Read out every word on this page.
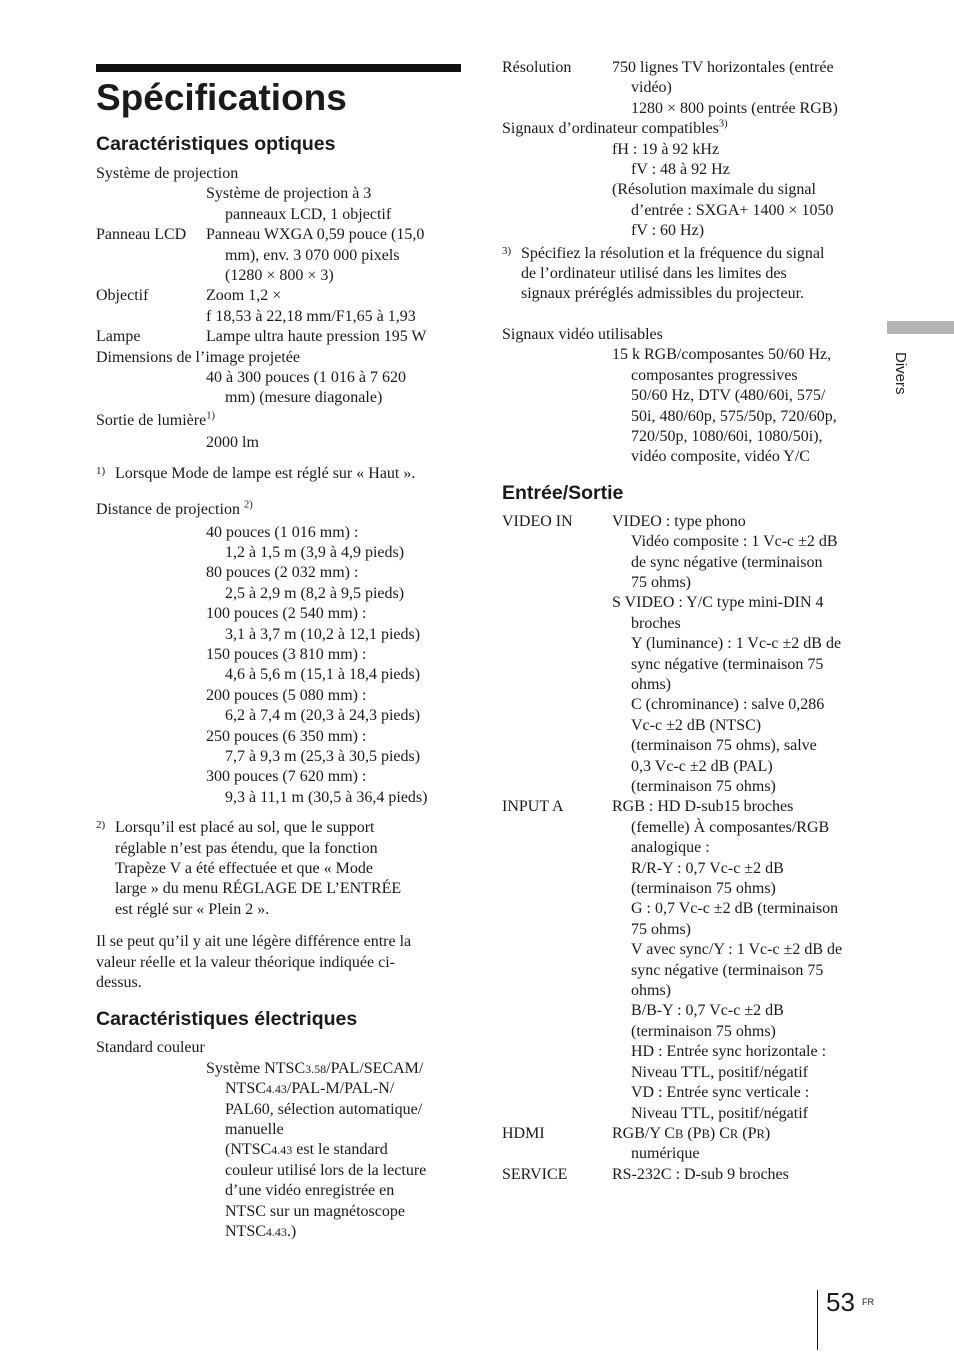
Spécifications
Caractéristiques optiques
Système de projection
Système de projection à 3
panneaux LCD, 1 objectif
Panneau LCD	Panneau WXGA 0,59 pouce (15,0
mm), env. 3 070 000 pixels
(1280 × 800 × 3)
Objectif	Zoom 1,2 ×
f 18,53 à 22,18 mm/F1,65 à 1,93
Lampe	Lampe ultra haute pression 195 W
Dimensions de l’image projetée
40 à 300 pouces (1 016 à 7 620
mm) (mesure diagonale)
Sortie de lumière$^{1)}$
2000 lm
1) Lorsque Mode de lampe est réglé sur « Haut ».
Distance de projection $^{2)}$
40 pouces (1 016 mm) :
1,2 à 1,5 m (3,9 à 4,9 pieds)
80 pouces (2 032 mm) :
2,5 à 2,9 m (8,2 à 9,5 pieds)
100 pouces (2 540 mm) :
3,1 à 3,7 m (10,2 à 12,1 pieds)
150 pouces (3 810 mm) :
4,6 à 5,6 m (15,1 à 18,4 pieds)
200 pouces (5 080 mm) :
6,2 à 7,4 m (20,3 à 24,3 pieds)
250 pouces (6 350 mm) :
7,7 à 9,3 m (25,3 à 30,5 pieds)
300 pouces (7 620 mm) :
9,3 à 11,1 m (30,5 à 36,4 pieds)
2) Lorsqu’il est placé au sol, que le support
réglable n’est pas étendu, que la fonction
Trapèze V a été effectuée et que « Mode
large » du menu RÉGLAGE DE L’ENTRÉE
est réglé sur « Plein 2 ».
Il se peut qu’il y ait une légère différence entre la
valeur réelle et la valeur théorique indiquée ci-
dessus.
Caractéristiques électriques
Standard couleur
Système NTSC3.58/PAL/SECAM/
NTSC4.43/PAL-M/PAL-N/
PAL60, sélection automatique/
manuelle
(NTSC4.43 est le standard
couleur utilisé lors de la lecture
d’une vidéo enregistrée en
NTSC sur un magnétoscope
NTSC4.43.)
Résolution	750 lignes TV horizontales (entrée
vidéo)
1280 × 800 points (entrée RGB)
Signaux d’ordinateur compatibles$^{3)}$
fH : 19 à 92 kHz
fV : 48 à 92 Hz
(Résolution maximale du signal
d’entrée : SXGA+ 1400 × 1050
fV : 60 Hz)
3) Spécifiez la résolution et la fréquence du signal
de l’ordinateur utilisé dans les limites des
signaux préréglés admissibles du projecteur.
Signaux vidéo utilisables
15 k RGB/composantes 50/60 Hz,
composantes progressives
50/60 Hz, DTV (480/60i, 575/
50i, 480/60p, 575/50p, 720/60p,
720/50p, 1080/60i, 1080/50i),
vidéo composite, vidéo Y/C
Entrée/Sortie
VIDEO IN	VIDEO : type phono
Vidéo composite : 1 Vc-c ±2 dB
de sync négative (terminaison
75 ohms)
S VIDEO : Y/C type mini-DIN 4
broches
Y (luminance) : 1 Vc-c ±2 dB de
sync négative (terminaison 75
ohms)
C (chrominance) : salve 0,286
Vc-c ±2 dB (NTSC)
(terminaison 75 ohms), salve
0,3 Vc-c ±2 dB (PAL)
(terminaison 75 ohms)
INPUT A	RGB : HD D-sub15 broches
(femelle) À composantes/RGB
analogique :
R/R-Y : 0,7 Vc-c ±2 dB
(terminaison 75 ohms)
G : 0,7 Vc-c ±2 dB (terminaison
75 ohms)
V avec sync/Y : 1 Vc-c ±2 dB de
sync négative (terminaison 75
ohms)
B/B-Y : 0,7 Vc-c ±2 dB
(terminaison 75 ohms)
HD : Entrée sync horizontale :
Niveau TTL, positif/négatif
VD : Entrée sync verticale :
Niveau TTL, positif/négatif
HDMI	RGB/Y CB (PB) CR (PR)
numérique
SERVICE	RS-232C : D-sub 9 broches
Divers
53 FR
